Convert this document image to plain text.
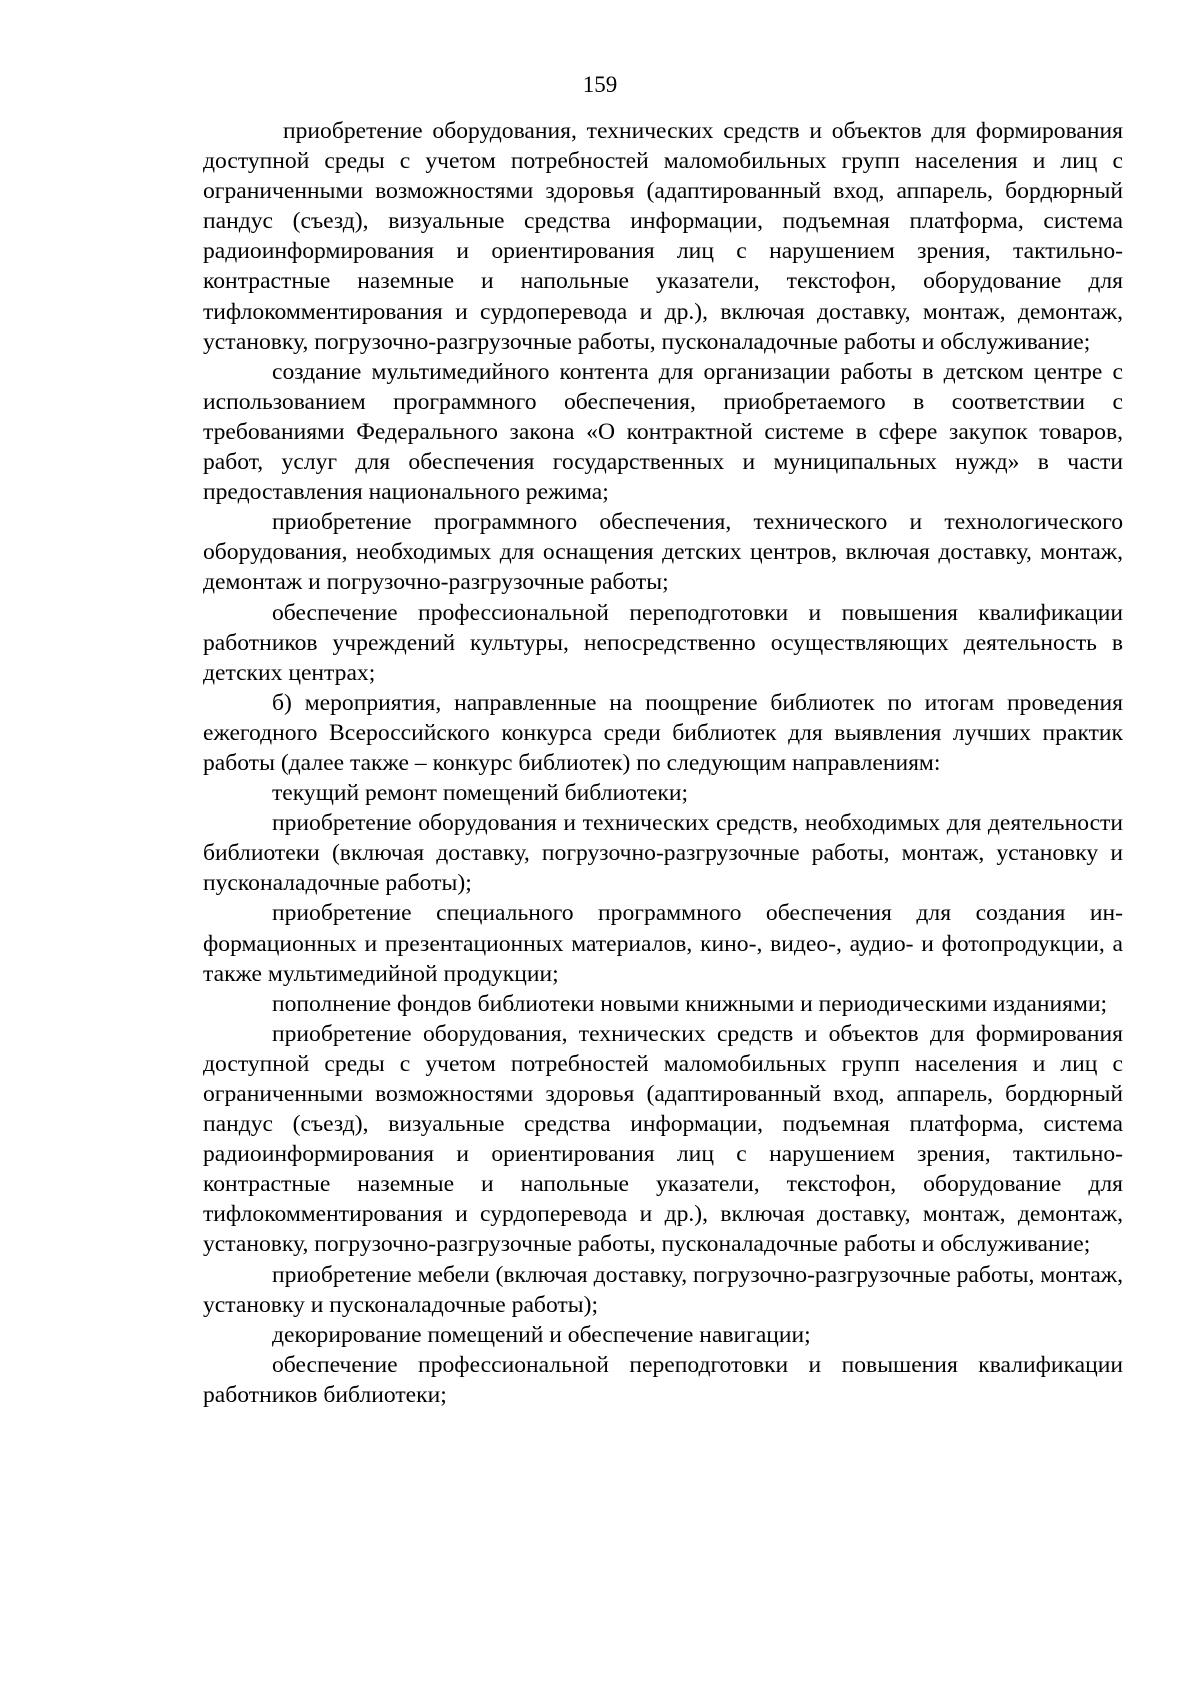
159

приобретение оборудования, технических средств и объектов для формирования доступной среды с учетом потребностей маломобильных групп населения и лиц с ограниченными возможностями здоровья (адаптированный вход, аппарель, бордюрный пандус (съезд), визуальные средства информации, подъемная платформа, система радиоинформирования и ориентирования лиц с нарушением зрения, тактильно-контрастные наземные и напольные указатели, текстофон, оборудование для тифлокомментирования и сурдоперевода и др.), включая доставку, монтаж, демонтаж, установку, погрузочно-разгрузочные работы, пусконаладочные работы и обслуживание;

создание мультимедийного контента для организации работы в детском центре с использованием программного обеспечения, приобретаемого в соответствии с требованиями Федерального закона «О контрактной системе в сфере закупок товаров, работ, услуг для обеспечения государственных и муниципальных нужд» в части предоставления национального режима;

приобретение программного обеспечения, технического и технологического оборудования, необходимых для оснащения детских центров, включая доставку, монтаж, демонтаж и погрузочно-разгрузочные работы;

обеспечение профессиональной переподготовки и повышения квалификации работников учреждений культуры, непосредственно осуществляющих деятельность в детских центрах;

б) мероприятия, направленные на поощрение библиотек по итогам проведения ежегодного Всероссийского конкурса среди библиотек для выявления лучших практик работы (далее также – конкурс библиотек) по следующим направлениям:

текущий ремонт помещений библиотеки;

приобретение оборудования и технических средств, необходимых для деятельности библиотеки (включая доставку, погрузочно-разгрузочные работы, монтаж, установку и пусконаладочные работы);

приобретение специального программного обеспечения для создания информационных и презентационных материалов, кино-, видео-, аудио- и фотопродукции, а также мультимедийной продукции;

пополнение фондов библиотеки новыми книжными и периодическими изданиями;

приобретение оборудования, технических средств и объектов для формирования доступной среды с учетом потребностей маломобильных групп населения и лиц с ограниченными возможностями здоровья (адаптированный вход, аппарель, бордюрный пандус (съезд), визуальные средства информации, подъемная платформа, система радиоинформирования и ориентирования лиц с нарушением зрения, тактильно-контрастные наземные и напольные указатели, текстофон, оборудование для тифлокомментирования и сурдоперевода и др.), включая доставку, монтаж, демонтаж, установку, погрузочно-разгрузочные работы, пусконаладочные работы и обслуживание;

приобретение мебели (включая доставку, погрузочно-разгрузочные работы, монтаж, установку и пусконаладочные работы);

декорирование помещений и обеспечение навигации;

обеспечение профессиональной переподготовки и повышения квалификации работников библиотеки;
